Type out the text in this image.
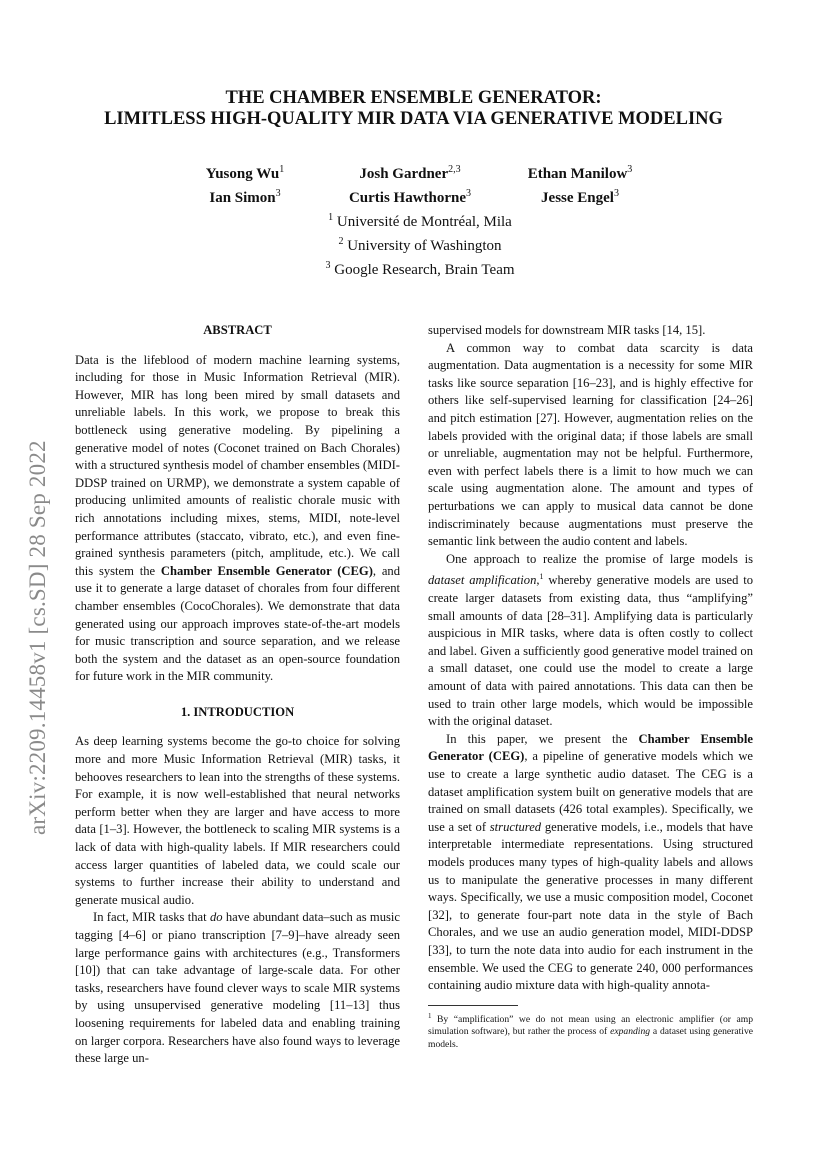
arXiv:2209.14458v1 [cs.SD] 28 Sep 2022
THE CHAMBER ENSEMBLE GENERATOR:
LIMITLESS HIGH-QUALITY MIR DATA VIA GENERATIVE MODELING
Yusong Wu$^1$	Josh Gardner$^{2,3}$	Ethan Manilow$^3$
Ian Simon$^3$	Curtis Hawthorne$^3$	Jesse Engel$^3$
$^1$ Université de Montréal, Mila
$^2$ University of Washington
$^3$ Google Research, Brain Team
ABSTRACT

Data is the lifeblood of modern machine learning systems, including for those in Music Information Retrieval (MIR). However, MIR has long been mired by small datasets and unreliable labels. In this work, we propose to break this bottleneck using generative modeling. By pipelining a generative model of notes (Coconet trained on Bach Chorales) with a structured synthesis model of chamber ensembles (MIDI-DDSP trained on URMP), we demonstrate a system capable of producing unlimited amounts of realistic chorale music with rich annotations including mixes, stems, MIDI, note-level performance attributes (staccato, vibrato, etc.), and even fine-grained synthesis parameters (pitch, amplitude, etc.). We call this system the Chamber Ensemble Generator (CEG), and use it to generate a large dataset of chorales from four different chamber ensembles (CocoChorales). We demonstrate that data generated using our approach improves state-of-the-art models for music transcription and source separation, and we release both the system and the dataset as an open-source foundation for future work in the MIR community.

1. INTRODUCTION

As deep learning systems become the go-to choice for solving more and more Music Information Retrieval (MIR) tasks, it behooves researchers to lean into the strengths of these systems. For example, it is now well-established that neural networks perform better when they are larger and have access to more data [1–3]. However, the bottleneck to scaling MIR systems is a lack of data with high-quality labels. If MIR researchers could access larger quantities of labeled data, we could scale our systems to further increase their ability to understand and generate musical audio.

In fact, MIR tasks that do have abundant data–such as music tagging [4–6] or piano transcription [7–9]–have already seen large performance gains with architectures (e.g., Transformers [10]) that can take advantage of large-scale data. For other tasks, researchers have found clever ways to scale MIR systems by using unsupervised generative modeling [11–13] thus loosening requirements for labeled data and enabling training on larger corpora. Researchers have also found ways to leverage these large un-

supervised models for downstream MIR tasks [14, 15].

A common way to combat data scarcity is data augmentation. Data augmentation is a necessity for some MIR tasks like source separation [16–23], and is highly effective for others like self-supervised learning for classification [24–26] and pitch estimation [27]. However, augmentation relies on the labels provided with the original data; if those labels are small or unreliable, augmentation may not be helpful. Furthermore, even with perfect labels there is a limit to how much we can scale using augmentation alone. The amount and types of perturbations we can apply to musical data cannot be done indiscriminately because augmentations must preserve the semantic link between the audio content and labels.

One approach to realize the promise of large models is dataset amplification,$^1$ whereby generative models are used to create larger datasets from existing data, thus “amplifying” small amounts of data [28–31]. Amplifying data is particularly auspicious in MIR tasks, where data is often costly to collect and label. Given a sufficiently good generative model trained on a small dataset, one could use the model to create a large amount of data with paired annotations. This data can then be used to train other large models, which would be impossible with the original dataset.

In this paper, we present the Chamber Ensemble Generator (CEG), a pipeline of generative models which we use to create a large synthetic audio dataset. The CEG is a dataset amplification system built on generative models that are trained on small datasets (426 total examples). Specifically, we use a set of structured generative models, i.e., models that have interpretable intermediate representations. Using structured models produces many types of high-quality labels and allows us to manipulate the generative processes in many different ways. Specifically, we use a music composition model, Coconet [32], to generate four-part note data in the style of Bach Chorales, and we use an audio generation model, MIDI-DDSP [33], to turn the note data into audio for each instrument in the ensemble. We used the CEG to generate 240, 000 performances containing audio mixture data with high-quality annota-

$^1$ By “amplification” we do not mean using an electronic amplifier (or amp simulation software), but rather the process of expanding a dataset using generative models.
